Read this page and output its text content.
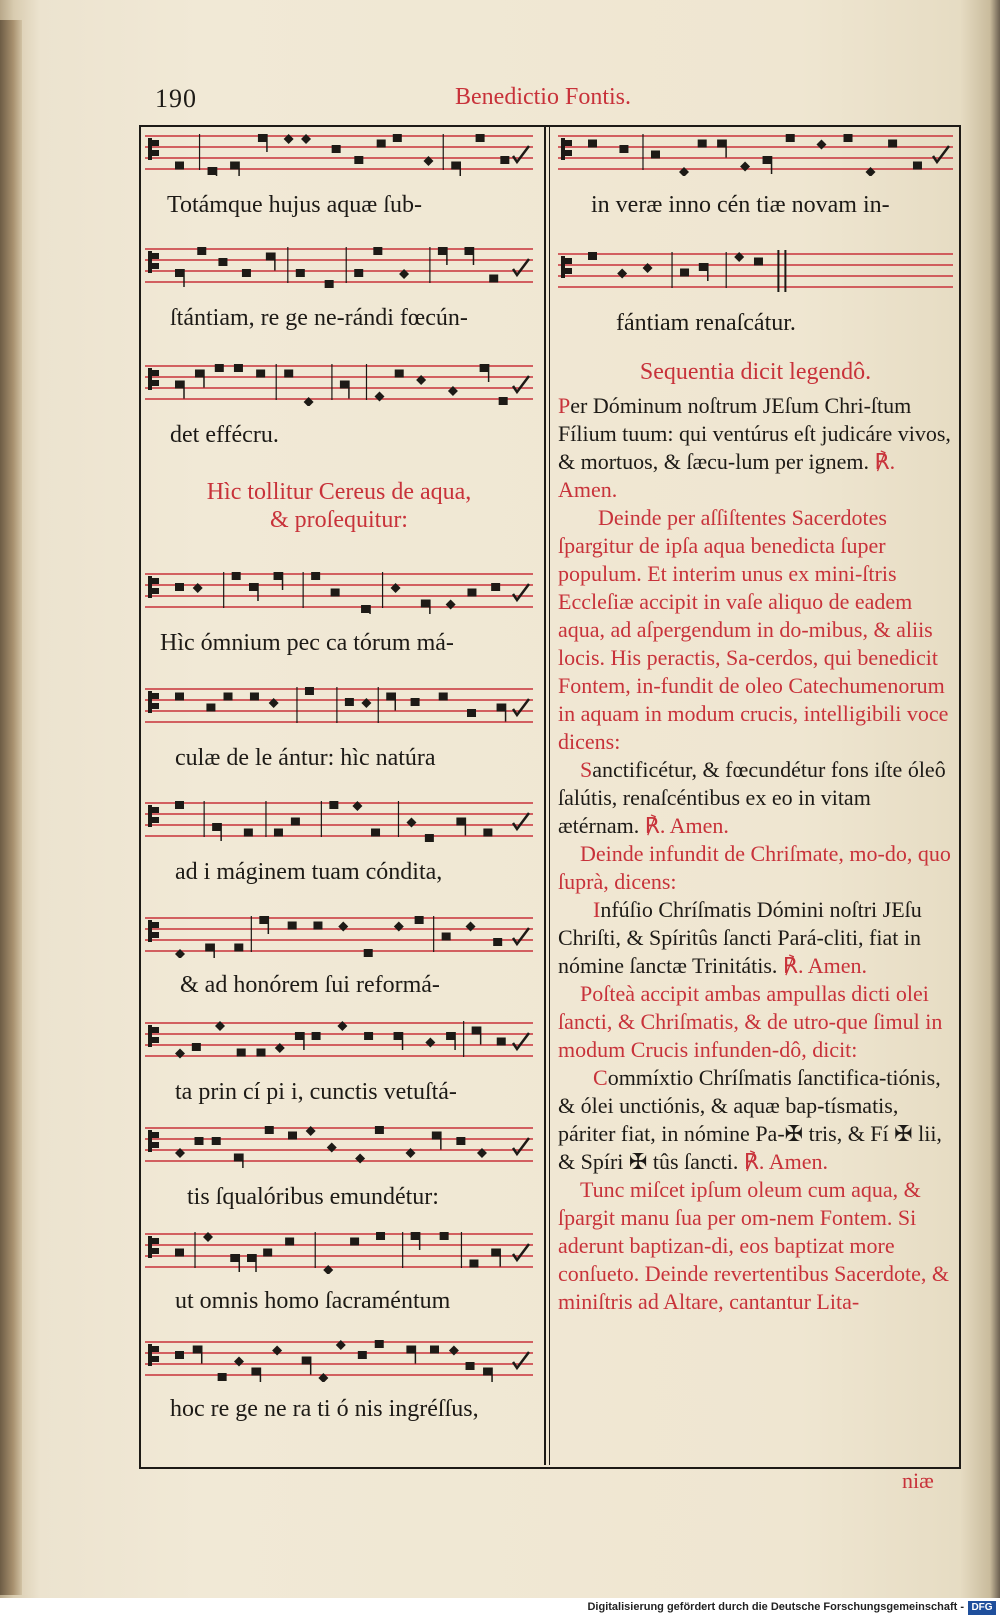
190	Benedictio Fontis.
Totámque hujus aquæ ſub-
ſtántiam, re ge ne-rándi fœcún-
det effécru.
Hìc tollitur Cereus de aqua,
& proſequitur:
Hìc ómnium pec ca tórum má-
culæ de le ántur: hìc natúra
ad i máginem tuam cóndita,
& ad honórem ſui reformá-
ta prin cí pi i, cunctis vetuſtá-
tis ſqualóribus emundétur:
ut omnis homo ſacraméntum
hoc re ge ne ra ti ó nis ingréſſus,
in veræ inno cén tiæ novam in-
fántiam renaſcátur.
Sequentia dicit legendô.
Per Dóminum noſtrum JEſum Chri-ſtum Fílium tuum: qui ventúrus eſt judicáre vivos, & mortuos, & ſæcu-lum per ignem. ℟. Amen.
Deinde per aſſiſtentes Sacerdotes ſpargitur de ipſa aqua benedicta ſuper populum. Et interim unus ex mini-ſtris Eccleſiæ accipit in vaſe aliquo de eadem aqua, ad aſpergendum in do-mibus, & aliis locis. His peractis, Sa-cerdos, qui benedicit Fontem, in-fundit de oleo Catechumenorum in aquam in modum crucis, intelligibili voce dicens:
Sanctificétur, & fœcundétur fons iſte óleô ſalútis, renaſcéntibus ex eo in vitam ætérnam. ℟. Amen.
Deinde infundit de Chriſmate, mo-do, quo ſuprà, dicens:
Infúſio Chríſmatis Dómini noſtri JEſu Chriſti, & Spíritûs ſancti Pará-cliti, fiat in nómine ſanctæ Trinitátis. ℟. Amen.
Poſteà accipit ambas ampullas dicti olei ſancti, & Chriſmatis, & de utro-que ſimul in modum Crucis infunden-dô, dicit:
Commíxtio Chríſmatis ſanctifica-tiónis, & ólei unctiónis, & aquæ bap-tísmatis, páriter fiat, in nómine Pa-✠ tris, & Fí ✠ lii, & Spíri ✠ tûs ſancti. ℟. Amen.
Tunc miſcet ipſum oleum cum aqua, & ſpargit manu ſua per om-nem Fontem. Si aderunt baptizan-di, eos baptizat more conſueto. Deinde revertentibus Sacerdote, & miniſtris ad Altare, cantantur Lita-
niæ
Digitalisierung gefördert durch die Deutsche Forschungsgemeinschaft - DFG
